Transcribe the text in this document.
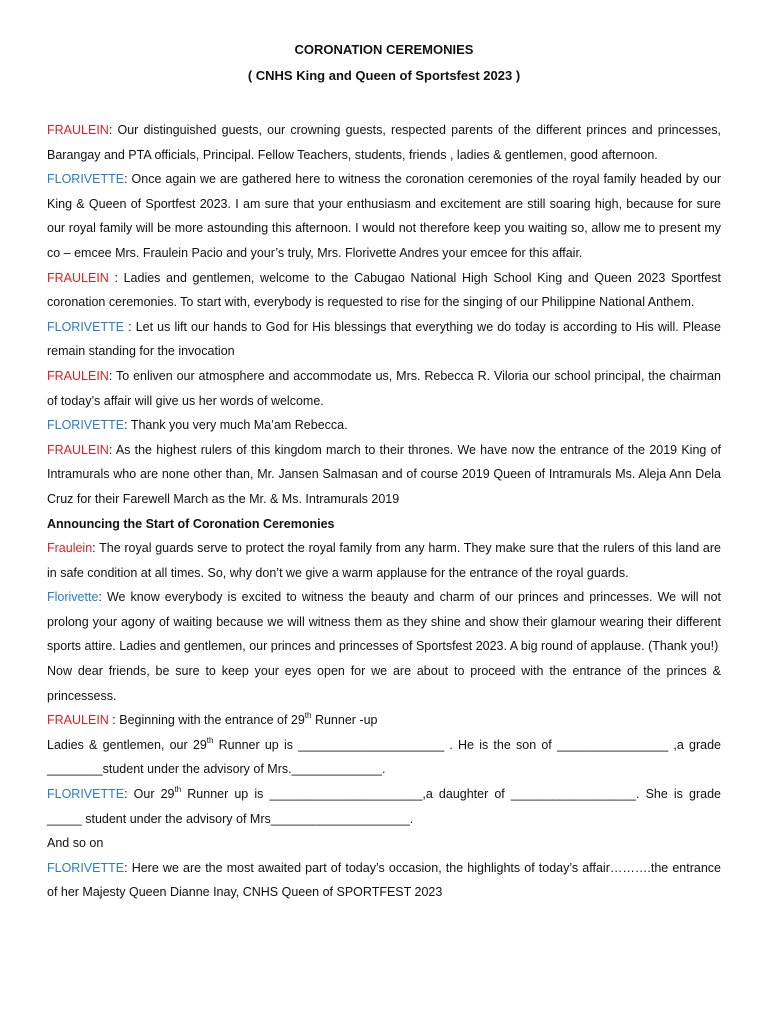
CORONATION CEREMONIES

( CNHS King and Queen of Sportsfest 2023 )

FRAULEIN: Our distinguished guests, our crowning guests, respected parents of the different princes and princesses, Barangay and PTA officials, Principal. Fellow Teachers, students, friends , ladies & gentlemen, good afternoon.

FLORIVETTE: Once again we are gathered here to witness the coronation ceremonies of the royal family headed by our King & Queen of Sportfest 2023. I am sure that your enthusiasm and excitement are still soaring high, because for sure our royal family will be more astounding this afternoon. I would not therefore keep you waiting so, allow me to present my co – emcee Mrs. Fraulein Pacio and your’s truly, Mrs. Florivette Andres your emcee for this affair.

FRAULEIN : Ladies and gentlemen, welcome to the Cabugao National High School King and Queen 2023 Sportfest coronation ceremonies. To start with, everybody is requested to rise for the singing of our Philippine National Anthem.

FLORIVETTE : Let us lift our hands to God for His blessings that everything we do today is according to His will. Please remain standing for the invocation

FRAULEIN: To enliven our atmosphere and accommodate us, Mrs. Rebecca R. Viloria our school principal, the chairman of today’s affair will give us her words of welcome.

FLORIVETTE: Thank you very much Ma’am Rebecca.

FRAULEIN: As the highest rulers of this kingdom march to their thrones. We have now the entrance of the 2019 King of Intramurals who are none other than, Mr. Jansen Salmasan and of course 2019 Queen of Intramurals Ms. Aleja Ann Dela Cruz for their Farewell March as the Mr. & Ms. Intramurals 2019

Announcing the Start of Coronation Ceremonies

Fraulein: The royal guards serve to protect the royal family from any harm. They make sure that the rulers of this land are in safe condition at all times. So, why don’t we give a warm applause for the entrance of the royal guards.

Florivette: We know everybody is excited to witness the beauty and charm of our princes and princesses. We will not prolong your agony of waiting because we will witness them as they shine and show their glamour wearing their different sports attire. Ladies and gentlemen, our princes and princesses of Sportsfest 2023. A big round of applause. (Thank you!)

Now dear friends, be sure to keep your eyes open for we are about to proceed with the entrance of the princes & princessess.

FRAULEIN : Beginning with the entrance of 29th Runner -up

Ladies & gentlemen, our 29th Runner up is _____________________ . He is the son of ________________ ,a grade ________student under the advisory of Mrs._____________.

FLORIVETTE: Our 29th Runner up is ______________________,a daughter of __________________. She is grade _____ student under the advisory of Mrs____________________.

And so on

FLORIVETTE: Here we are the most awaited part of today’s occasion, the highlights of today’s affair……….the entrance of her Majesty Queen Dianne Inay, CNHS Queen of SPORTFEST 2023
